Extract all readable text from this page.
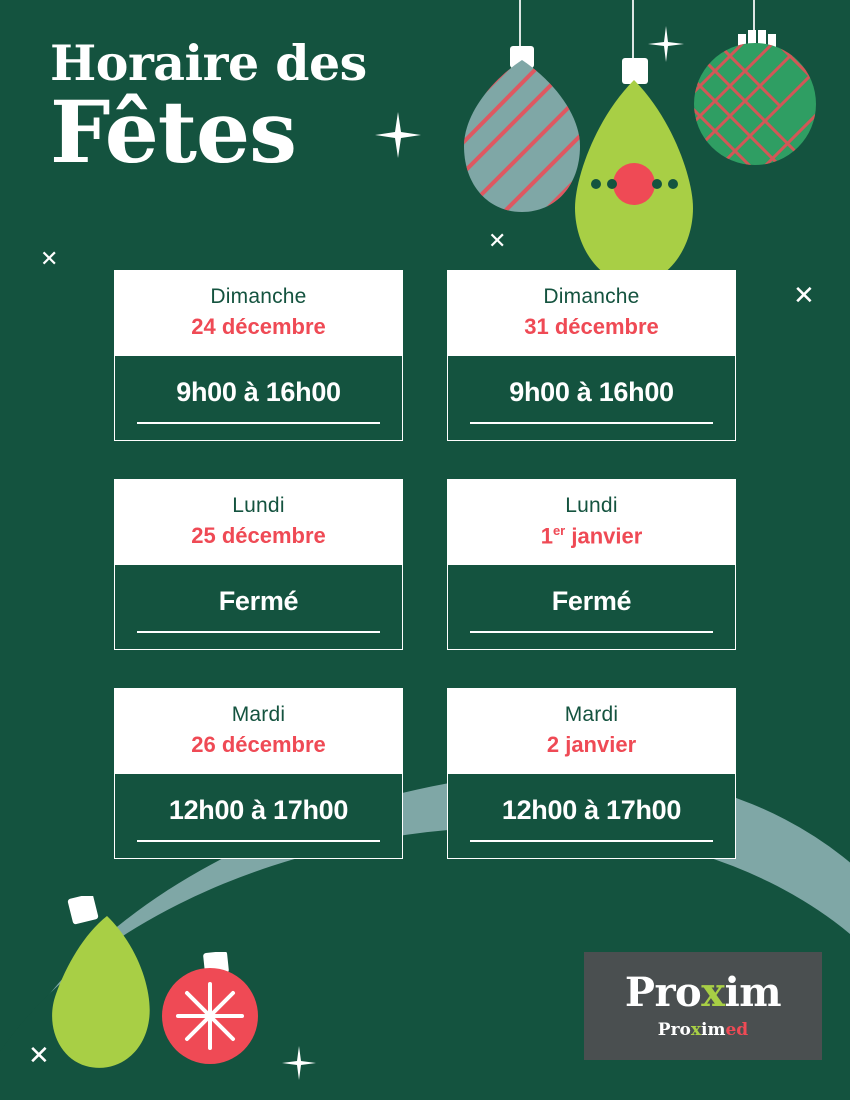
Horaire des
Fêtes
✕
✕
✕
✕
Dimanche
24 décembre
9h00 à 16h00
Dimanche
31 décembre
9h00 à 16h00
Lundi
25 décembre
Fermé
Lundi
1er janvier
Fermé
Mardi
26 décembre
12h00 à 17h00
Mardi
2 janvier
12h00 à 17h00
Proxim
Proximed
